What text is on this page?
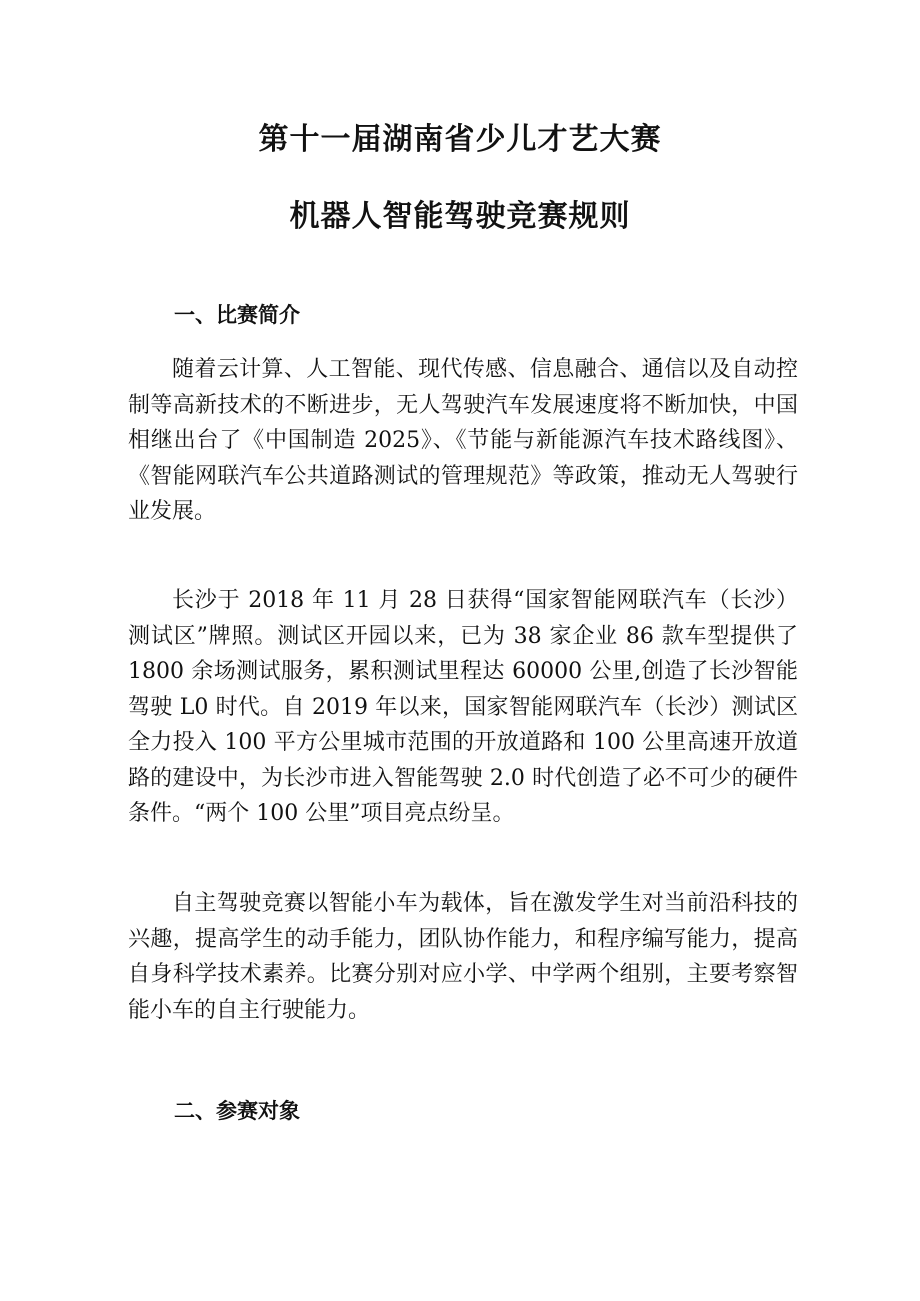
第十一届湖南省少儿才艺大赛
机器人智能驾驶竞赛规则
一、比赛简介

随着云计算、人工智能、现代传感、信息融合、通信以及自动控制等高新技术的不断进步，无人驾驶汽车发展速度将不断加快，中国相继出台了《中国制造 2025》、《节能与新能源汽车技术路线图》、《智能网联汽车公共道路测试的管理规范》等政策，推动无人驾驶行业发展。

长沙于 2018 年 11 月 28 日获得“国家智能网联汽车（长沙）测试区”牌照。测试区开园以来，已为 38 家企业 86 款车型提供了 1800 余场测试服务，累积测试里程达 60000 公里,创造了长沙智能驾驶 L0 时代。自 2019 年以来，国家智能网联汽车（长沙）测试区全力投入 100 平方公里城市范围的开放道路和 100 公里高速开放道路的建设中，为长沙市进入智能驾驶 2.0 时代创造了必不可少的硬件条件。“两个 100 公里”项目亮点纷呈。

自主驾驶竞赛以智能小车为载体，旨在激发学生对当前沿科技的兴趣，提高学生的动手能力，团队协作能力，和程序编写能力，提高自身科学技术素养。比赛分别对应小学、中学两个组别，主要考察智能小车的自主行驶能力。

二、参赛对象
